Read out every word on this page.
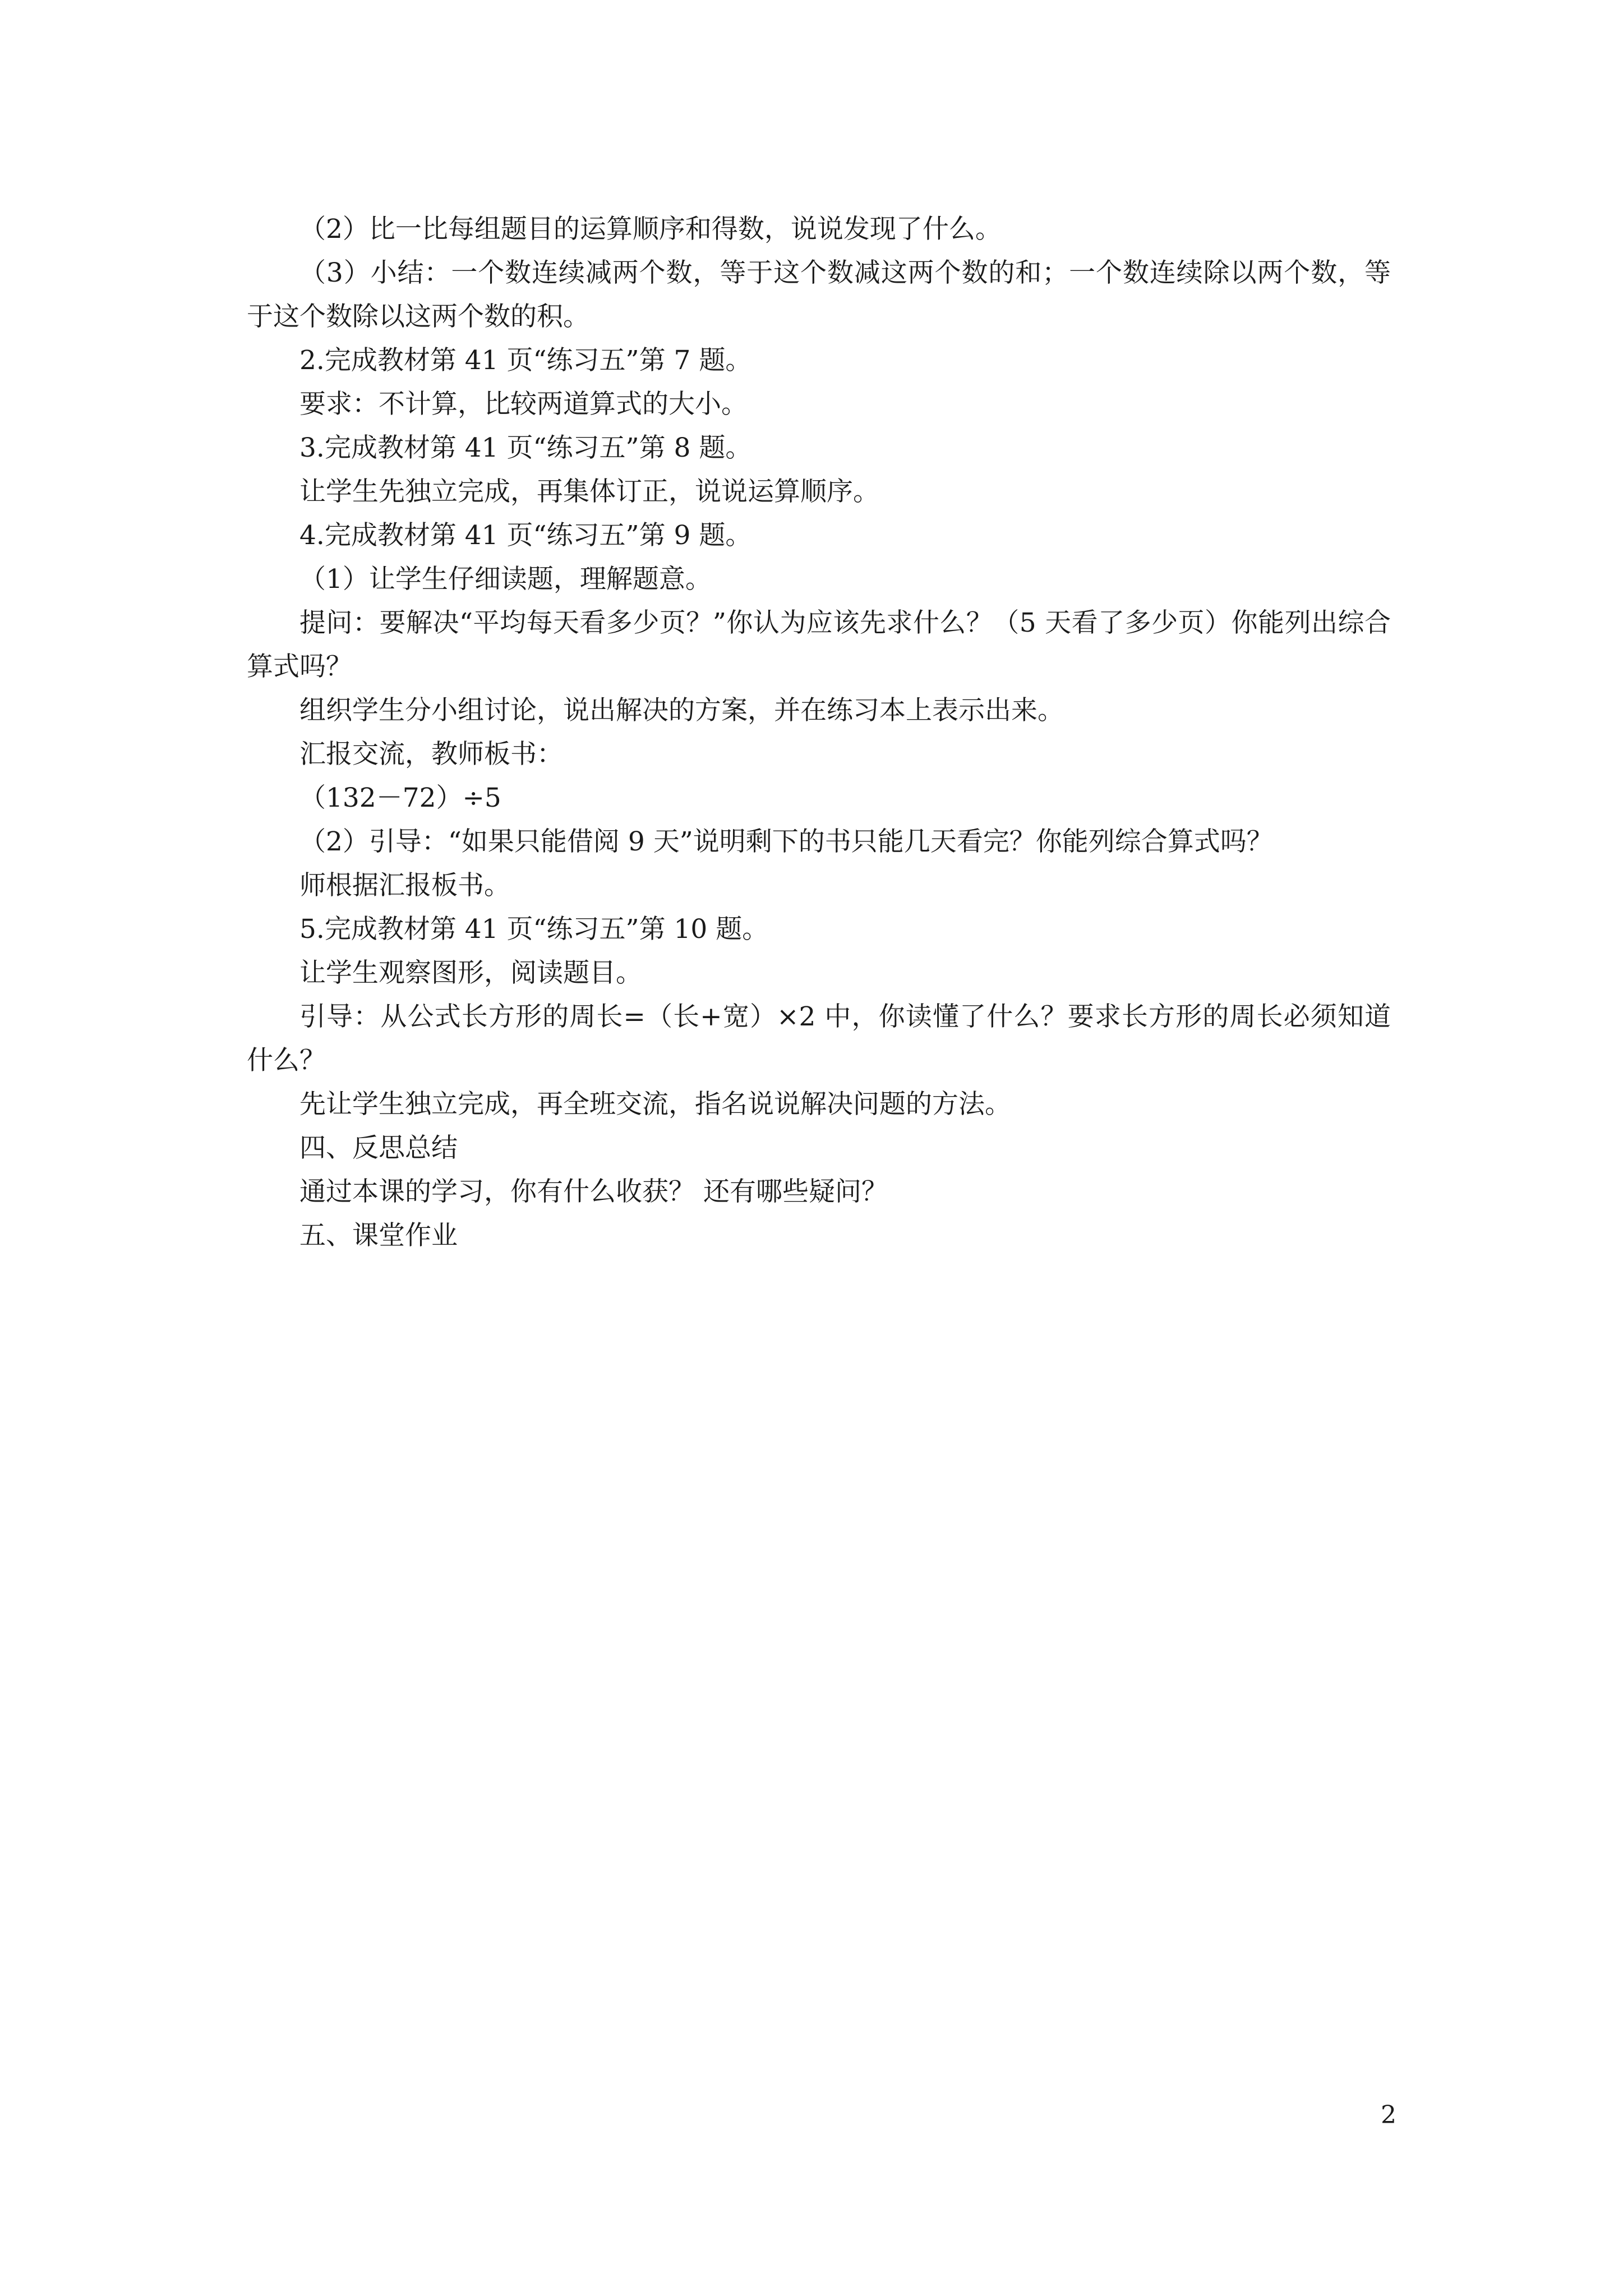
（2）比一比每组题目的运算顺序和得数，说说发现了什么。

（3）小结：一个数连续减两个数，等于这个数减这两个数的和；一个数连续除以两个数，等于这个数除以这两个数的积。

2.完成教材第 41 页“练习五”第 7 题。

要求：不计算，比较两道算式的大小。

3.完成教材第 41 页“练习五”第 8 题。

让学生先独立完成，再集体订正，说说运算顺序。

4.完成教材第 41 页“练习五”第 9 题。

（1）让学生仔细读题，理解题意。

提问：要解决“平均每天看多少页？”你认为应该先求什么？（5 天看了多少页）你能列出综合算式吗？

组织学生分小组讨论，说出解决的方案，并在练习本上表示出来。

汇报交流，教师板书：

（132－72）÷5

（2）引导：“如果只能借阅 9 天”说明剩下的书只能几天看完？你能列综合算式吗？

师根据汇报板书。

5.完成教材第 41 页“练习五”第 10 题。

让学生观察图形，阅读题目。

引导：从公式长方形的周长=（长+宽）×2 中，你读懂了什么？要求长方形的周长必须知道什么？

先让学生独立完成，再全班交流，指名说说解决问题的方法。

四、反思总结

通过本课的学习，你有什么收获？ 还有哪些疑问？

五、课堂作业

2
